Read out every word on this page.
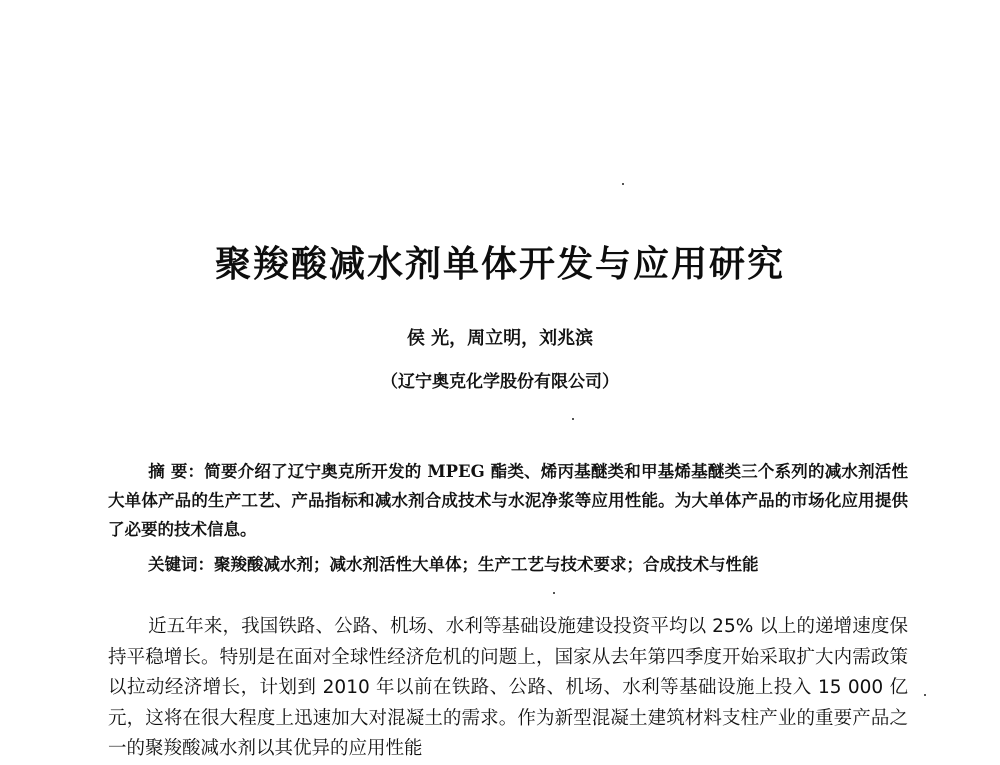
聚羧酸减水剂单体开发与应用研究
侯 光，周立明，刘兆滨
（辽宁奥克化学股份有限公司）

摘 要：简要介绍了辽宁奥克所开发的 MPEG 酯类、烯丙基醚类和甲基烯基醚类三个系列的减水剂活性大单体产品的生产工艺、产品指标和减水剂合成技术与水泥净浆等应用性能。为大单体产品的市场化应用提供了必要的技术信息。

关键词：聚羧酸减水剂；减水剂活性大单体；生产工艺与技术要求；合成技术与性能

近五年来，我国铁路、公路、机场、水利等基础设施建设投资平均以 25% 以上的递增速度保持平稳增长。特别是在面对全球性经济危机的问题上，国家从去年第四季度开始采取扩大内需政策以拉动经济增长，计划到 2010 年以前在铁路、公路、机场、水利等基础设施上投入 15 000 亿元，这将在很大程度上迅速加大对混凝土的需求。作为新型混凝土建筑材料支柱产业的重要产品之一的聚羧酸减水剂以其优异的应用性能
